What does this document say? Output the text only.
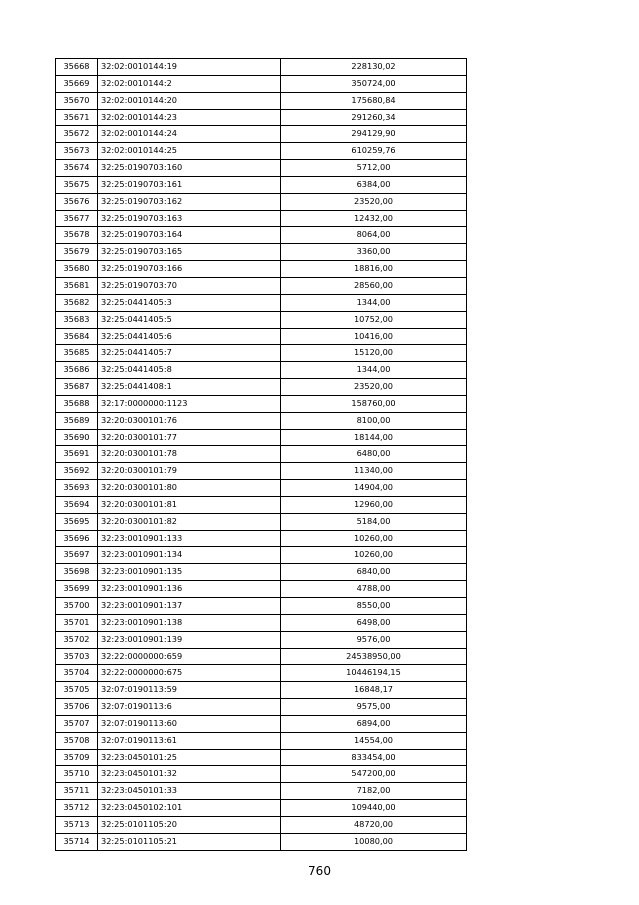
35668	32:02:0010144:19	228130,02
35669	32:02:0010144:2	350724,00
35670	32:02:0010144:20	175680,84
35671	32:02:0010144:23	291260,34
35672	32:02:0010144:24	294129,90
35673	32:02:0010144:25	610259,76
35674	32:25:0190703:160	5712,00
35675	32:25:0190703:161	6384,00
35676	32:25:0190703:162	23520,00
35677	32:25:0190703:163	12432,00
35678	32:25:0190703:164	8064,00
35679	32:25:0190703:165	3360,00
35680	32:25:0190703:166	18816,00
35681	32:25:0190703:70	28560,00
35682	32:25:0441405:3	1344,00
35683	32:25:0441405:5	10752,00
35684	32:25:0441405:6	10416,00
35685	32:25:0441405:7	15120,00
35686	32:25:0441405:8	1344,00
35687	32:25:0441408:1	23520,00
35688	32:17:0000000:1123	158760,00
35689	32:20:0300101:76	8100,00
35690	32:20:0300101:77	18144,00
35691	32:20:0300101:78	6480,00
35692	32:20:0300101:79	11340,00
35693	32:20:0300101:80	14904,00
35694	32:20:0300101:81	12960,00
35695	32:20:0300101:82	5184,00
35696	32:23:0010901:133	10260,00
35697	32:23:0010901:134	10260,00
35698	32:23:0010901:135	6840,00
35699	32:23:0010901:136	4788,00
35700	32:23:0010901:137	8550,00
35701	32:23:0010901:138	6498,00
35702	32:23:0010901:139	9576,00
35703	32:22:0000000:659	24538950,00
35704	32:22:0000000:675	10446194,15
35705	32:07:0190113:59	16848,17
35706	32:07:0190113:6	9575,00
35707	32:07:0190113:60	6894,00
35708	32:07:0190113:61	14554,00
35709	32:23:0450101:25	833454,00
35710	32:23:0450101:32	547200,00
35711	32:23:0450101:33	7182,00
35712	32:23:0450102:101	109440,00
35713	32:25:0101105:20	48720,00
35714	32:25:0101105:21	10080,00
760
